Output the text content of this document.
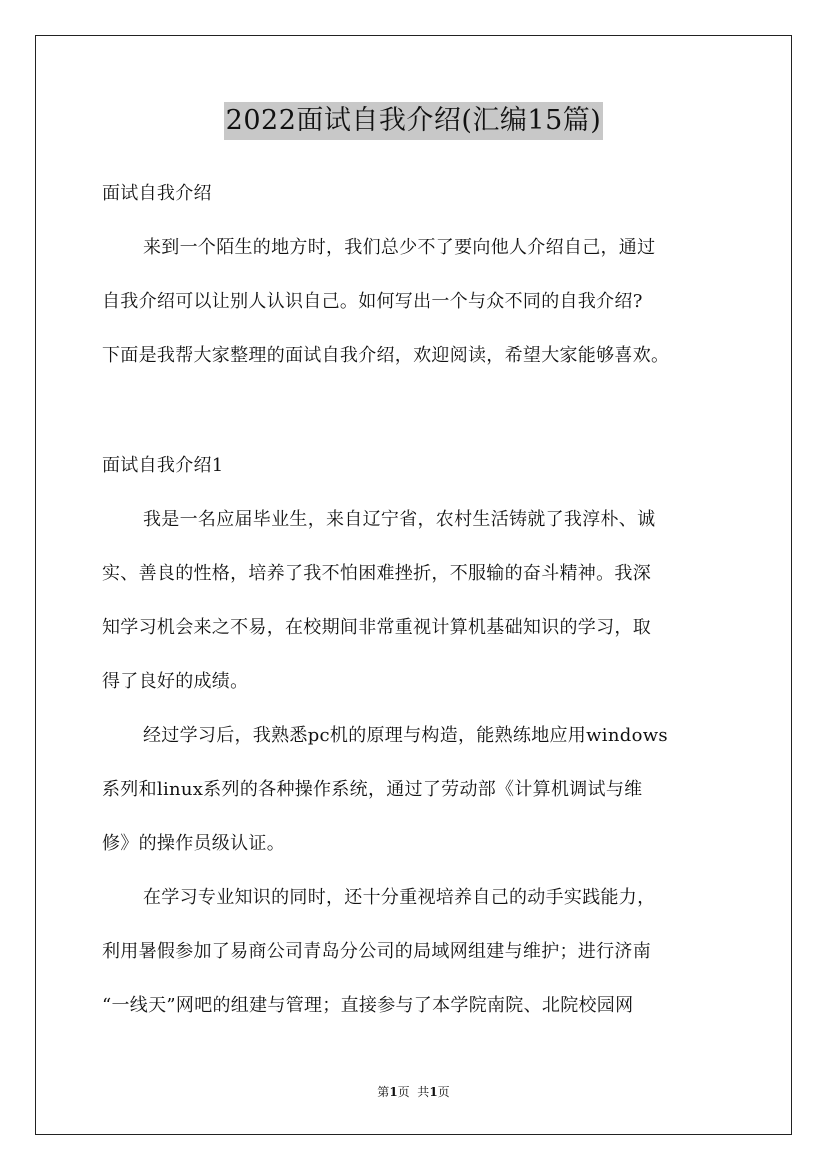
2022面试自我介绍(汇编15篇)
面试自我介绍
来到一个陌生的地方时，我们总少不了要向他人介绍自己，通过
自我介绍可以让别人认识自己。如何写出一个与众不同的自我介绍?
下面是我帮大家整理的面试自我介绍，欢迎阅读，希望大家能够喜欢。
面试自我介绍1
我是一名应届毕业生，来自辽宁省，农村生活铸就了我淳朴、诚
实、善良的性格，培养了我不怕困难挫折，不服输的奋斗精神。我深
知学习机会来之不易，在校期间非常重视计算机基础知识的学习，取
得了良好的成绩。
经过学习后，我熟悉pc机的原理与构造，能熟练地应用windows
系列和linux系列的各种操作系统，通过了劳动部《计算机调试与维
修》的操作员级认证。
在学习专业知识的同时，还十分重视培养自己的动手实践能力，
利用暑假参加了易商公司青岛分公司的局域网组建与维护；进行济南
“一线天”网吧的组建与管理；直接参与了本学院南院、北院校园网
第1页  共1页
